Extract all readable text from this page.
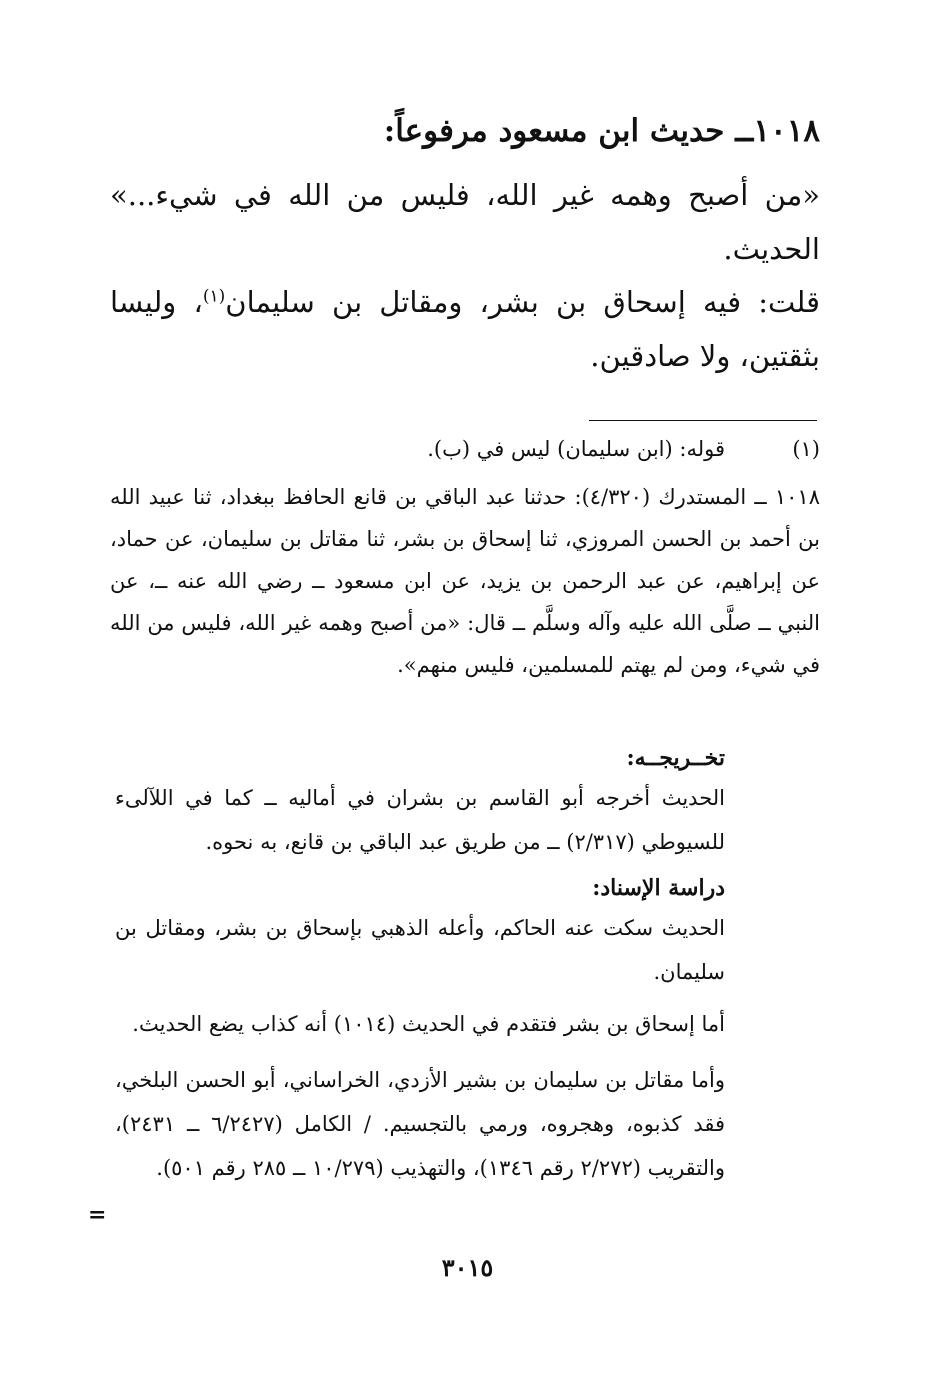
١٠١٨ــ حديث ابن مسعود مرفوعاً:
«من أصبح وهمه غير الله، فليس من الله في شيء...» الحديث.
قلت: فيه إسحاق بن بشر، ومقاتل بن سليمان$^{(١)}$، وليسا بثقتين، ولا صادقين.
(١)
قوله: (ابن سليمان) ليس في (ب).
١٠١٨ ــ المستدرك (٤/٣٢٠): حدثنا عبد الباقي بن قانع الحافظ ببغداد، ثنا عبيد الله بن أحمد بن الحسن المروزي، ثنا إسحاق بن بشر، ثنا مقاتل بن سليمان، عن حماد، عن إبراهيم، عن عبد الرحمن بن يزيد، عن ابن مسعود ــ رضي الله عنه ــ، عن النبي ــ صلَّى الله عليه وآله وسلَّم ــ قال: «من أصبح وهمه غير الله، فليس من الله في شيء، ومن لم يهتم للمسلمين، فليس منهم».
تخــريجــه:
الحديث أخرجه أبو القاسم بن بشران في أماليه ــ كما في اللآلىء للسيوطي (٢/٣١٧) ــ من طريق عبد الباقي بن قانع، به نحوه.
دراسة الإسناد:
الحديث سكت عنه الحاكم، وأعله الذهبي بإسحاق بن بشر، ومقاتل بن سليمان.
أما إسحاق بن بشر فتقدم في الحديث (١٠١٤) أنه كذاب يضع الحديث.
وأما مقاتل بن سليمان بن بشير الأزدي، الخراساني، أبو الحسن البلخي، فقد كذبوه، وهجروه، ورمي بالتجسيم. / الكامل (٦/٢٤٢٧ ــ ٢٤٣١)، والتقريب (٢/٢٧٢ رقم ١٣٤٦)، والتهذيب (١٠/٢٧٩ ــ ٢٨٥ رقم ٥٠١).
=
٣٠١٥
